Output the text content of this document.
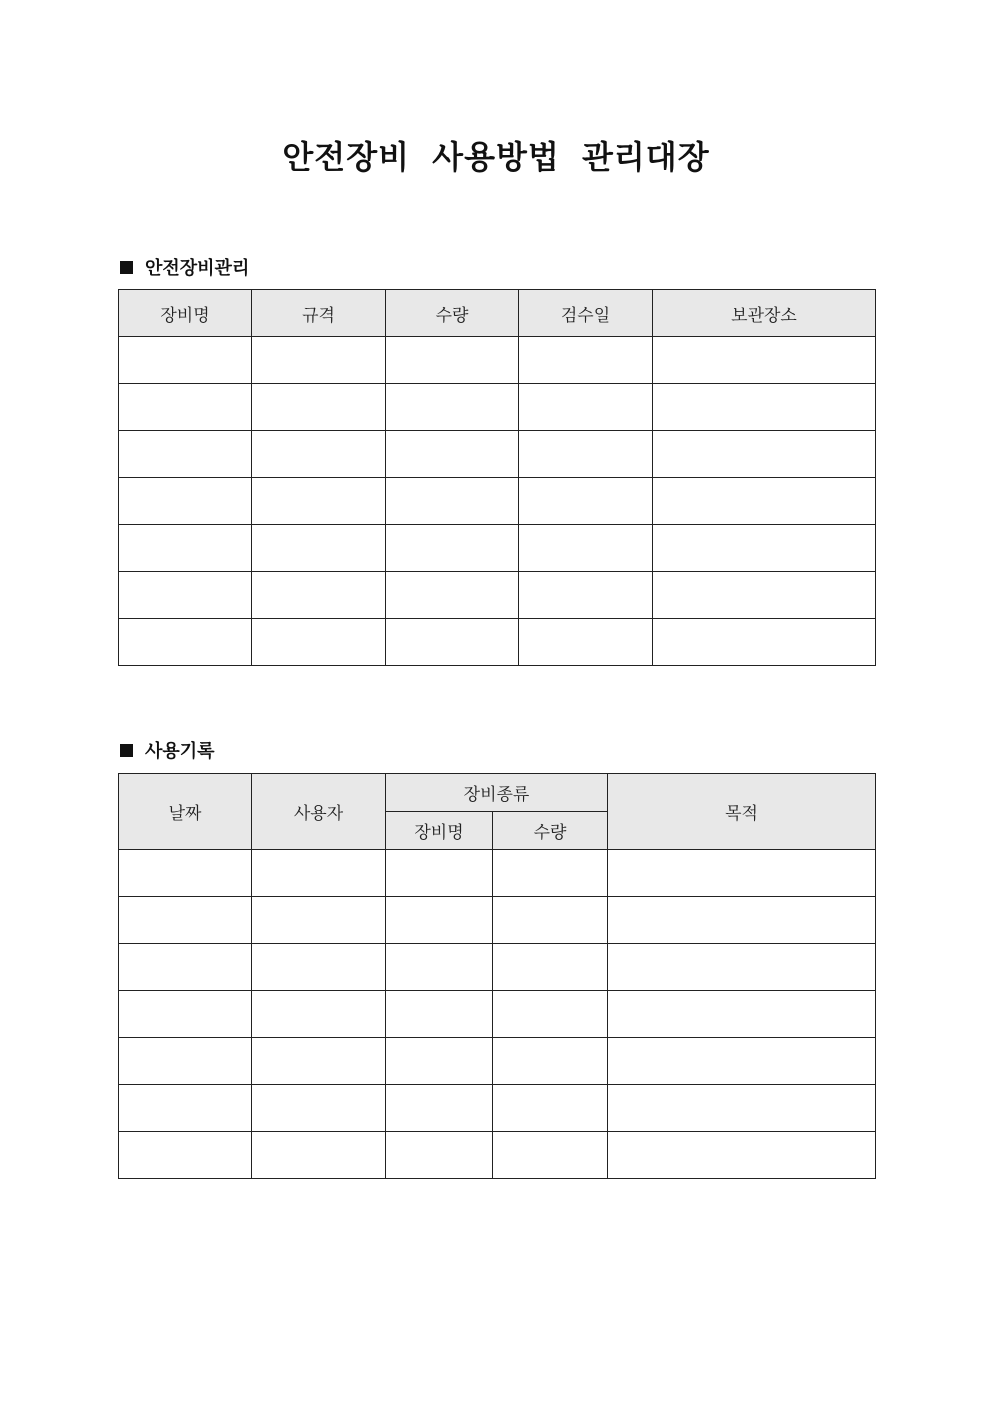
안전장비 사용방법 관리대장
안전장비관리
장비명	규격	수량	검수일	보관장소

사용기록
날짜	사용자	장비종류		목적
		장비명	수량	
